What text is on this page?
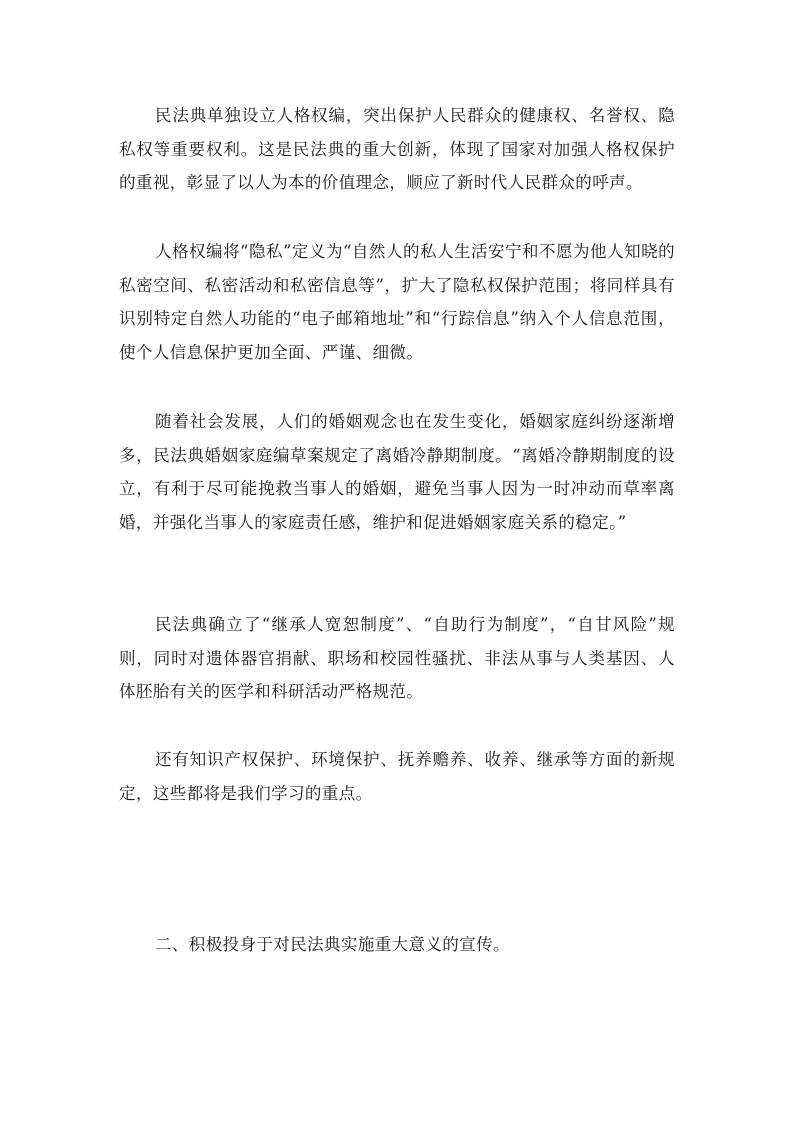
民法典单独设立人格权编，突出保护人民群众的健康权、名誉权、隐私权等重要权利。这是民法典的重大创新，体现了国家对加强人格权保护的重视，彰显了以人为本的价值理念，顺应了新时代人民群众的呼声。

人格权编将“隐私”定义为“自然人的私人生活安宁和不愿为他人知晓的私密空间、私密活动和私密信息等”，扩大了隐私权保护范围；将同样具有识别特定自然人功能的“电子邮箱地址”和“行踪信息”纳入个人信息范围，使个人信息保护更加全面、严谨、细微。

随着社会发展，人们的婚姻观念也在发生变化，婚姻家庭纠纷逐渐增多，民法典婚姻家庭编草案规定了离婚冷静期制度。“离婚冷静期制度的设立，有利于尽可能挽救当事人的婚姻，避免当事人因为一时冲动而草率离婚，并强化当事人的家庭责任感，维护和促进婚姻家庭关系的稳定。”

民法典确立了“继承人宽恕制度”、“自助行为制度”，“自甘风险”规则，同时对遗体器官捐献、职场和校园性骚扰、非法从事与人类基因、人体胚胎有关的医学和科研活动严格规范。

还有知识产权保护、环境保护、抚养赡养、收养、继承等方面的新规定，这些都将是我们学习的重点。

二、积极投身于对民法典实施重大意义的宣传。
